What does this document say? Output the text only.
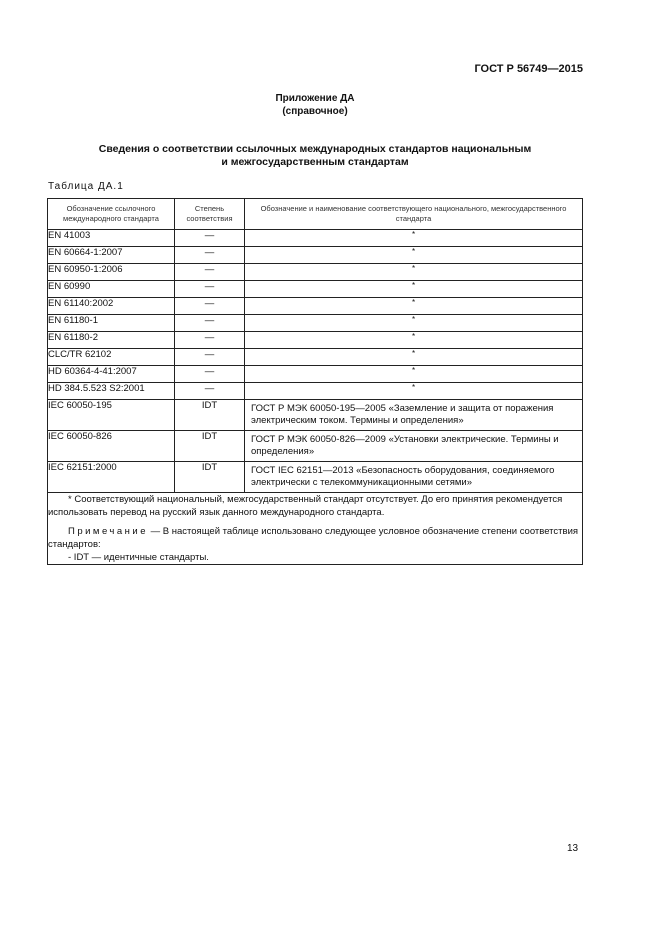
ГОСТ Р 56749—2015
Приложение ДА
(справочное)
Сведения о соответствии ссылочных международных стандартов национальным
и межгосударственным стандартам
Таблица ДА.1
Обозначение ссылочного международного стандарта	Степень соответствия	Обозначение и наименование соответствующего национального, межгосударственного стандарта
EN 41003	—	*
EN 60664-1:2007	—	*
EN 60950-1:2006	—	*
EN 60990	—	*
EN 61140:2002	—	*
EN 61180-1	—	*
EN 61180-2	—	*
CLC/TR 62102	—	*
HD 60364-4-41:2007	—	*
HD 384.5.523 S2:2001	—	*
IEC 60050-195	IDT	ГОСТ Р МЭК 60050-195—2005 «Заземление и защита от поражения электрическим током. Термины и определения»
IEC 60050-826	IDT	ГОСТ Р МЭК 60050-826—2009 «Установки электрические. Термины и определения»
IEC 62151:2000	IDT	ГОСТ IEC 62151—2013 «Безопасность оборудования, соединяемого электрически с телекоммуникационными сетями»

* Соответствующий национальный, межгосударственный стандарт отсутствует. До его принятия рекомендуется использовать перевод на русский язык данного международного стандарта.

Примечание — В настоящей таблице использовано следующее условное обозначение степени соответствия стандартов:

- IDT — идентичные стандарты.		

13
